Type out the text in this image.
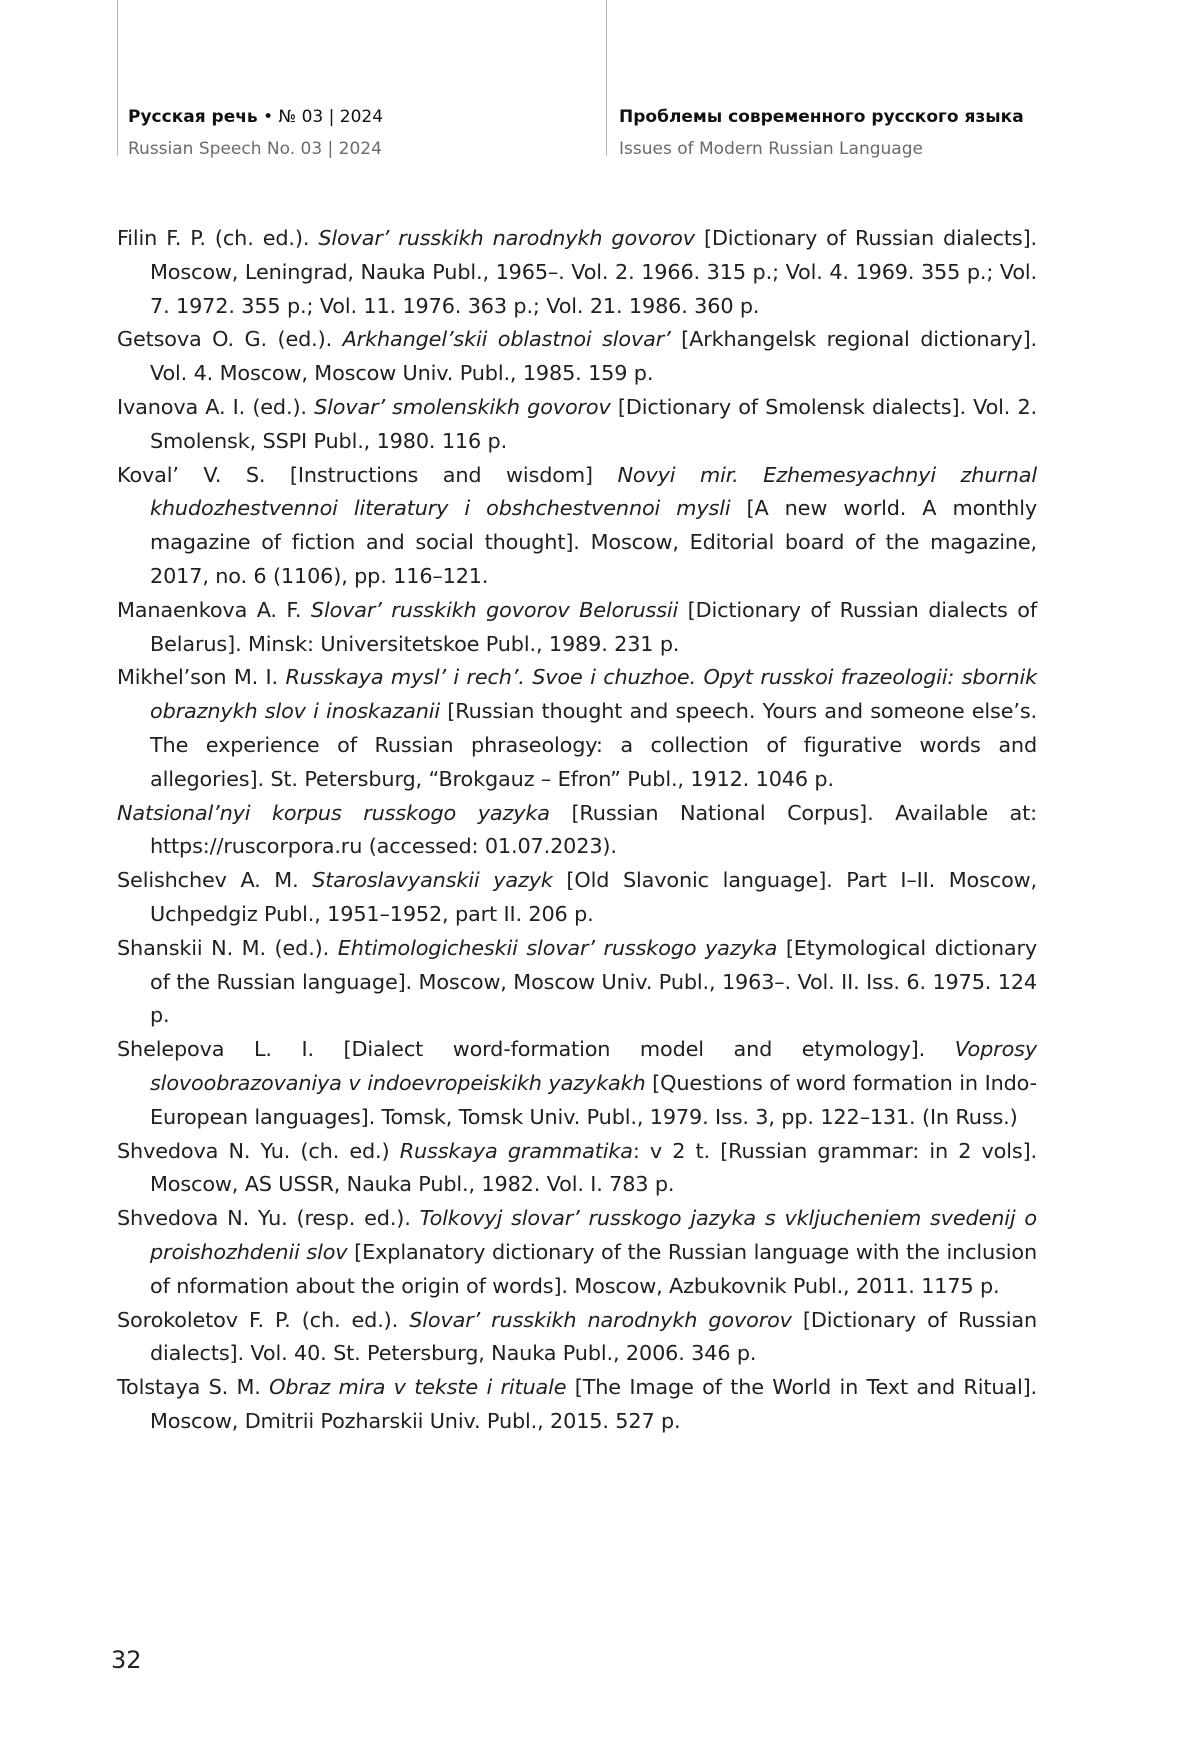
Русская речь • № 03 | 2024
Russian Speech No. 03 | 2024
Проблемы современного русского языка
Issues of Modern Russian Language
Filin F. P. (ch. ed.). Slovar’ russkikh narodnykh govorov [Dictionary of Russian dialects]. Moscow, Leningrad, Nauka Publ., 1965–. Vol. 2. 1966. 315 p.; Vol. 4. 1969. 355 p.; Vol. 7. 1972. 355 p.; Vol. 11. 1976. 363 p.; Vol. 21. 1986. 360 p.
Getsova O. G. (ed.). Arkhangel’skii oblastnoi slovar’ [Arkhangelsk regional dictionary]. Vol. 4. Moscow, Moscow Univ. Publ., 1985. 159 p.
Ivanova A. I. (ed.). Slovar’ smolenskikh govorov [Dictionary of Smolensk dialects]. Vol. 2. Smolensk, SSPI Publ., 1980. 116 p.
Koval’ V. S. [Instructions and wisdom] Novyi mir. Ezhemesyachnyi zhurnal khudozhestvennoi literatury i obshchestvennoi mysli [A new world. A monthly magazine of fiction and social thought]. Moscow, Editorial board of the magazine, 2017, no. 6 (1106), pp. 116–121.
Manaenkova A. F. Slovar’ russkikh govorov Belorussii [Dictionary of Russian dialects of Belarus]. Minsk: Universitetskoe Publ., 1989. 231 p.
Mikhel’son M. I. Russkaya mysl’ i rech’. Svoe i chuzhoe. Opyt russkoi frazeologii: sbornik obraznykh slov i inoskazanii [Russian thought and speech. Yours and someone else’s. The experience of Russian phraseology: a collection of figurative words and allegories]. St. Petersburg, “Brokgauz – Efron” Publ., 1912. 1046 p.
Natsional’nyi korpus russkogo yazyka [Russian National Corpus]. Available at: https://ruscorpora.ru (accessed: 01.07.2023).
Selishchev A. M. Staroslavyanskii yazyk [Old Slavonic language]. Part I–II. Moscow, Uchpedgiz Publ., 1951–1952, part II. 206 p.
Shanskii N. M. (ed.). Ehtimologicheskii slovar’ russkogo yazyka [Etymological dictionary of the Russian language]. Moscow, Moscow Univ. Publ., 1963–. Vol. II. Iss. 6. 1975. 124 p.
Shelepova L. I. [Dialect word-formation model and etymology]. Voprosy slovoobrazovaniya v indoevropeiskikh yazykakh [Questions of word formation in Indo-European languages]. Tomsk, Tomsk Univ. Publ., 1979. Iss. 3, pp. 122–131. (In Russ.)
Shvedova N. Yu. (ch. ed.) Russkaya grammatika: v 2 t. [Russian grammar: in 2 vols]. Moscow, AS USSR, Nauka Publ., 1982. Vol. I. 783 p.
Shvedova N. Yu. (resp. ed.). Tolkovyj slovar’ russkogo jazyka s vkljucheniem svedenij o proishozhdenii slov [Explanatory dictionary of the Russian language with the inclusion of nformation about the origin of words]. Moscow, Azbukovnik Publ., 2011. 1175 p.
Sorokoletov F. P. (ch. ed.). Slovar’ russkikh narodnykh govorov [Dictionary of Russian dialects]. Vol. 40. St. Petersburg, Nauka Publ., 2006. 346 p.
Tolstaya S. M. Obraz mira v tekste i rituale [The Image of the World in Text and Ritual]. Moscow, Dmitrii Pozharskii Univ. Publ., 2015. 527 p.
32
